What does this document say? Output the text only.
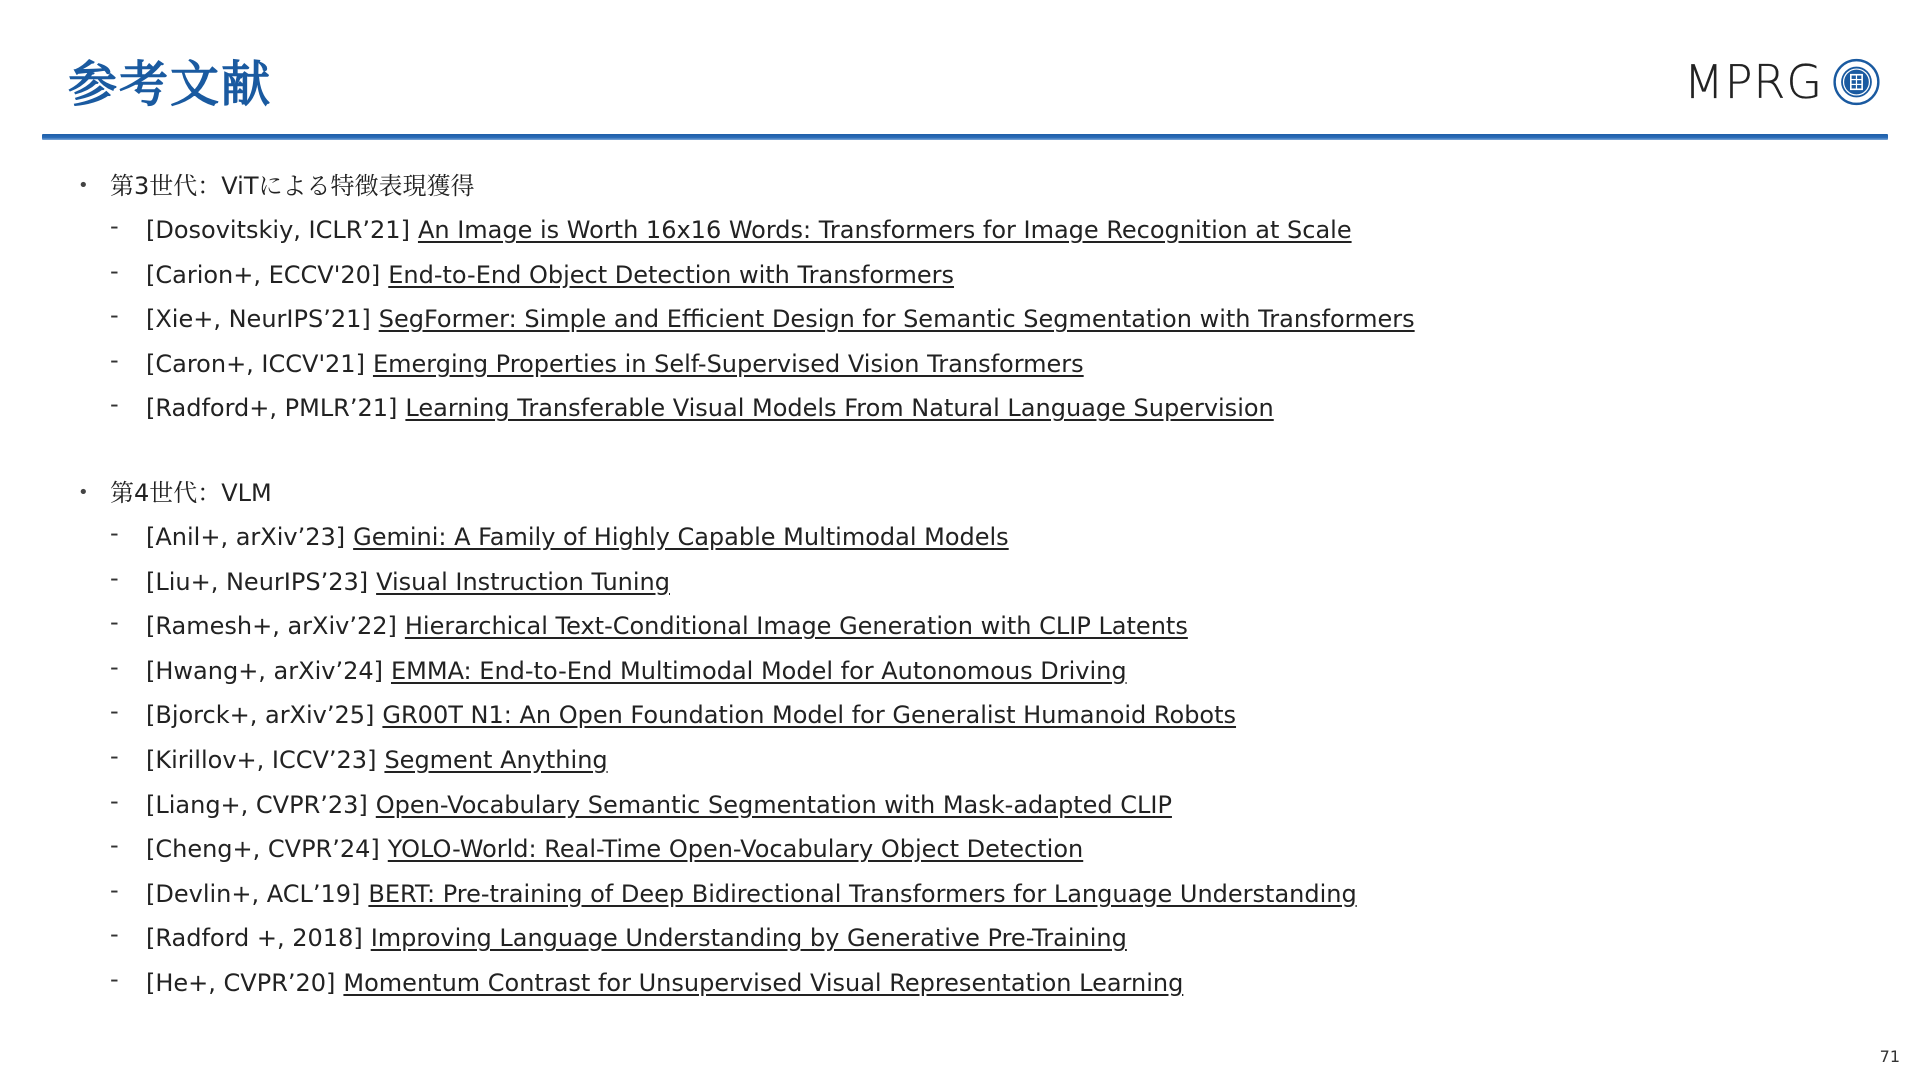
参考文献	MPRG
• 第3世代：ViTによる特徴表現獲得
- [Dosovitskiy, ICLR’21] An Image is Worth 16x16 Words: Transformers for Image Recognition at Scale
- [Carion+, ECCV'20] End-to-End Object Detection with Transformers
- [Xie+, NeurIPS’21] SegFormer: Simple and Efficient Design for Semantic Segmentation with Transformers
- [Caron+, ICCV'21] Emerging Properties in Self-Supervised Vision Transformers
- [Radford+, PMLR’21] Learning Transferable Visual Models From Natural Language Supervision
• 第4世代：VLM
- [Anil+, arXiv’23] Gemini: A Family of Highly Capable Multimodal Models
- [Liu+, NeurIPS’23] Visual Instruction Tuning
- [Ramesh+, arXiv’22] Hierarchical Text-Conditional Image Generation with CLIP Latents
- [Hwang+, arXiv’24] EMMA: End-to-End Multimodal Model for Autonomous Driving
- [Bjorck+, arXiv’25] GR00T N1: An Open Foundation Model for Generalist Humanoid Robots
- [Kirillov+, ICCV’23] Segment Anything
- [Liang+, CVPR’23] Open-Vocabulary Semantic Segmentation with Mask-adapted CLIP
- [Cheng+, CVPR’24] YOLO-World: Real-Time Open-Vocabulary Object Detection
- [Devlin+, ACL’19] BERT: Pre-training of Deep Bidirectional Transformers for Language Understanding
- [Radford +, 2018] Improving Language Understanding by Generative Pre-Training
- [He+, CVPR’20] Momentum Contrast for Unsupervised Visual Representation Learning
71
